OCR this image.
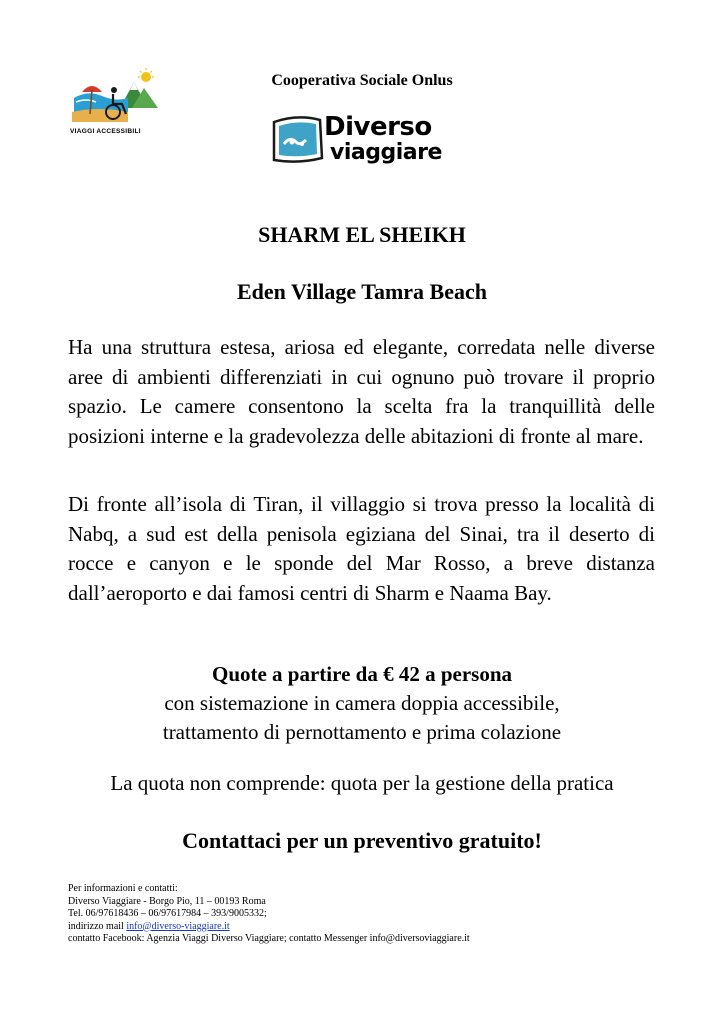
VIAGGI ACCESSIBILI
Cooperativa Sociale Onlus
Diverso
viaggiare
SHARM EL SHEIKH
Eden Village Tamra Beach

Ha una struttura estesa, ariosa ed elegante, corredata nelle diverse aree di ambienti differenziati in cui ognuno può trovare il proprio spazio. Le camere consentono la scelta fra la tranquillità delle posizioni interne e la gradevolezza delle abitazioni di fronte al mare.

Di fronte all’isola di Tiran, il villaggio si trova presso la località di Nabq, a sud est della penisola egiziana del Sinai, tra il deserto di rocce e canyon e le sponde del Mar Rosso, a breve distanza dall’aeroporto e dai famosi centri di Sharm e Naama Bay.

Quote a partire da € 42 a persona
con sistemazione in camera doppia accessibile,
trattamento di pernottamento e prima colazione
La quota non comprende: quota per la gestione della pratica
Contattaci per un preventivo gratuito!
Per informazioni e contatti:
Diverso Viaggiare - Borgo Pio, 11 – 00193 Roma
Tel. 06/97618436 – 06/97617984 – 393/9005332;
indirizzo mail info@diverso-viaggiare.it
contatto Facebook: Agenzia Viaggi Diverso Viaggiare; contatto Messenger info@diversoviaggiare.it
